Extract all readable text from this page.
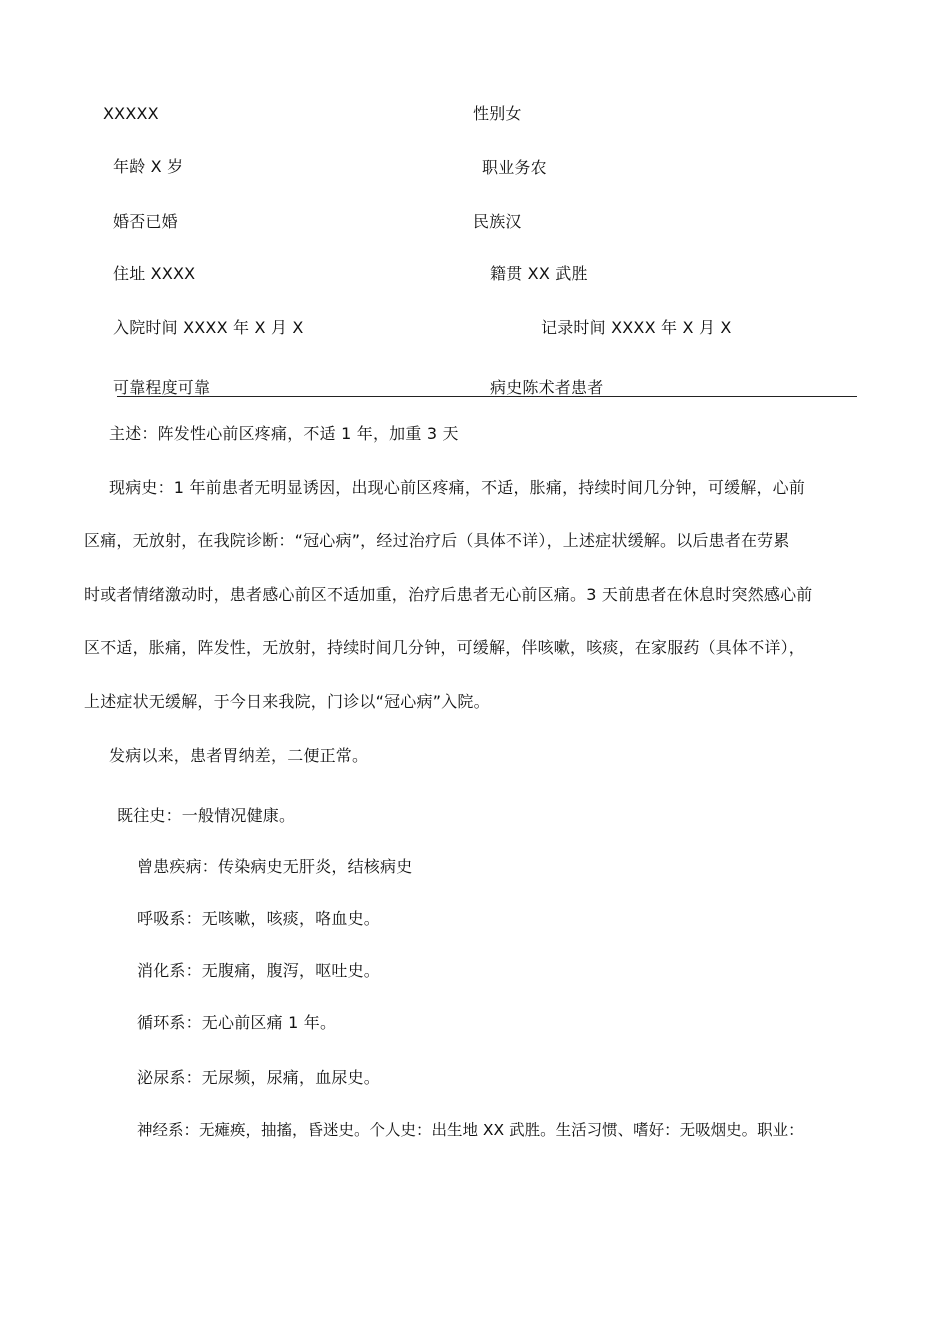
XXXXX	性别女
年龄 X 岁	职业务农
婚否已婚	民族汉
住址 XXXX	籍贯 XX 武胜
入院时间 XXXX 年 X 月 X	记录时间 XXXX 年 X 月 X
可靠程度可靠	病史陈术者患者
主述：阵发性心前区疼痛，不适 1 年，加重 3 天
现病史：1 年前患者无明显诱因，出现心前区疼痛，不适，胀痛，持续时间几分钟，可缓解，心前
区痛，无放射，在我院诊断：“冠心病”，经过治疗后（具体不详），上述症状缓解。以后患者在劳累
时或者情绪激动时，患者感心前区不适加重，治疗后患者无心前区痛。3 天前患者在休息时突然感心前
区不适，胀痛，阵发性，无放射，持续时间几分钟，可缓解，伴咳嗽，咳痰，在家服药（具体不详），
上述症状无缓解，于今日来我院，门诊以“冠心病”入院。
发病以来，患者胃纳差，二便正常。
既往史：一般情况健康。
曾患疾病：传染病史无肝炎，结核病史
呼吸系：无咳嗽，咳痰，咯血史。
消化系：无腹痛，腹泻，呕吐史。
循环系：无心前区痛 1 年。
泌尿系：无尿频，尿痛，血尿史。
神经系：无瘫痪，抽搐，昏迷史。个人史：出生地 XX 武胜。生活习惯、嗜好：无吸烟史。职业：
